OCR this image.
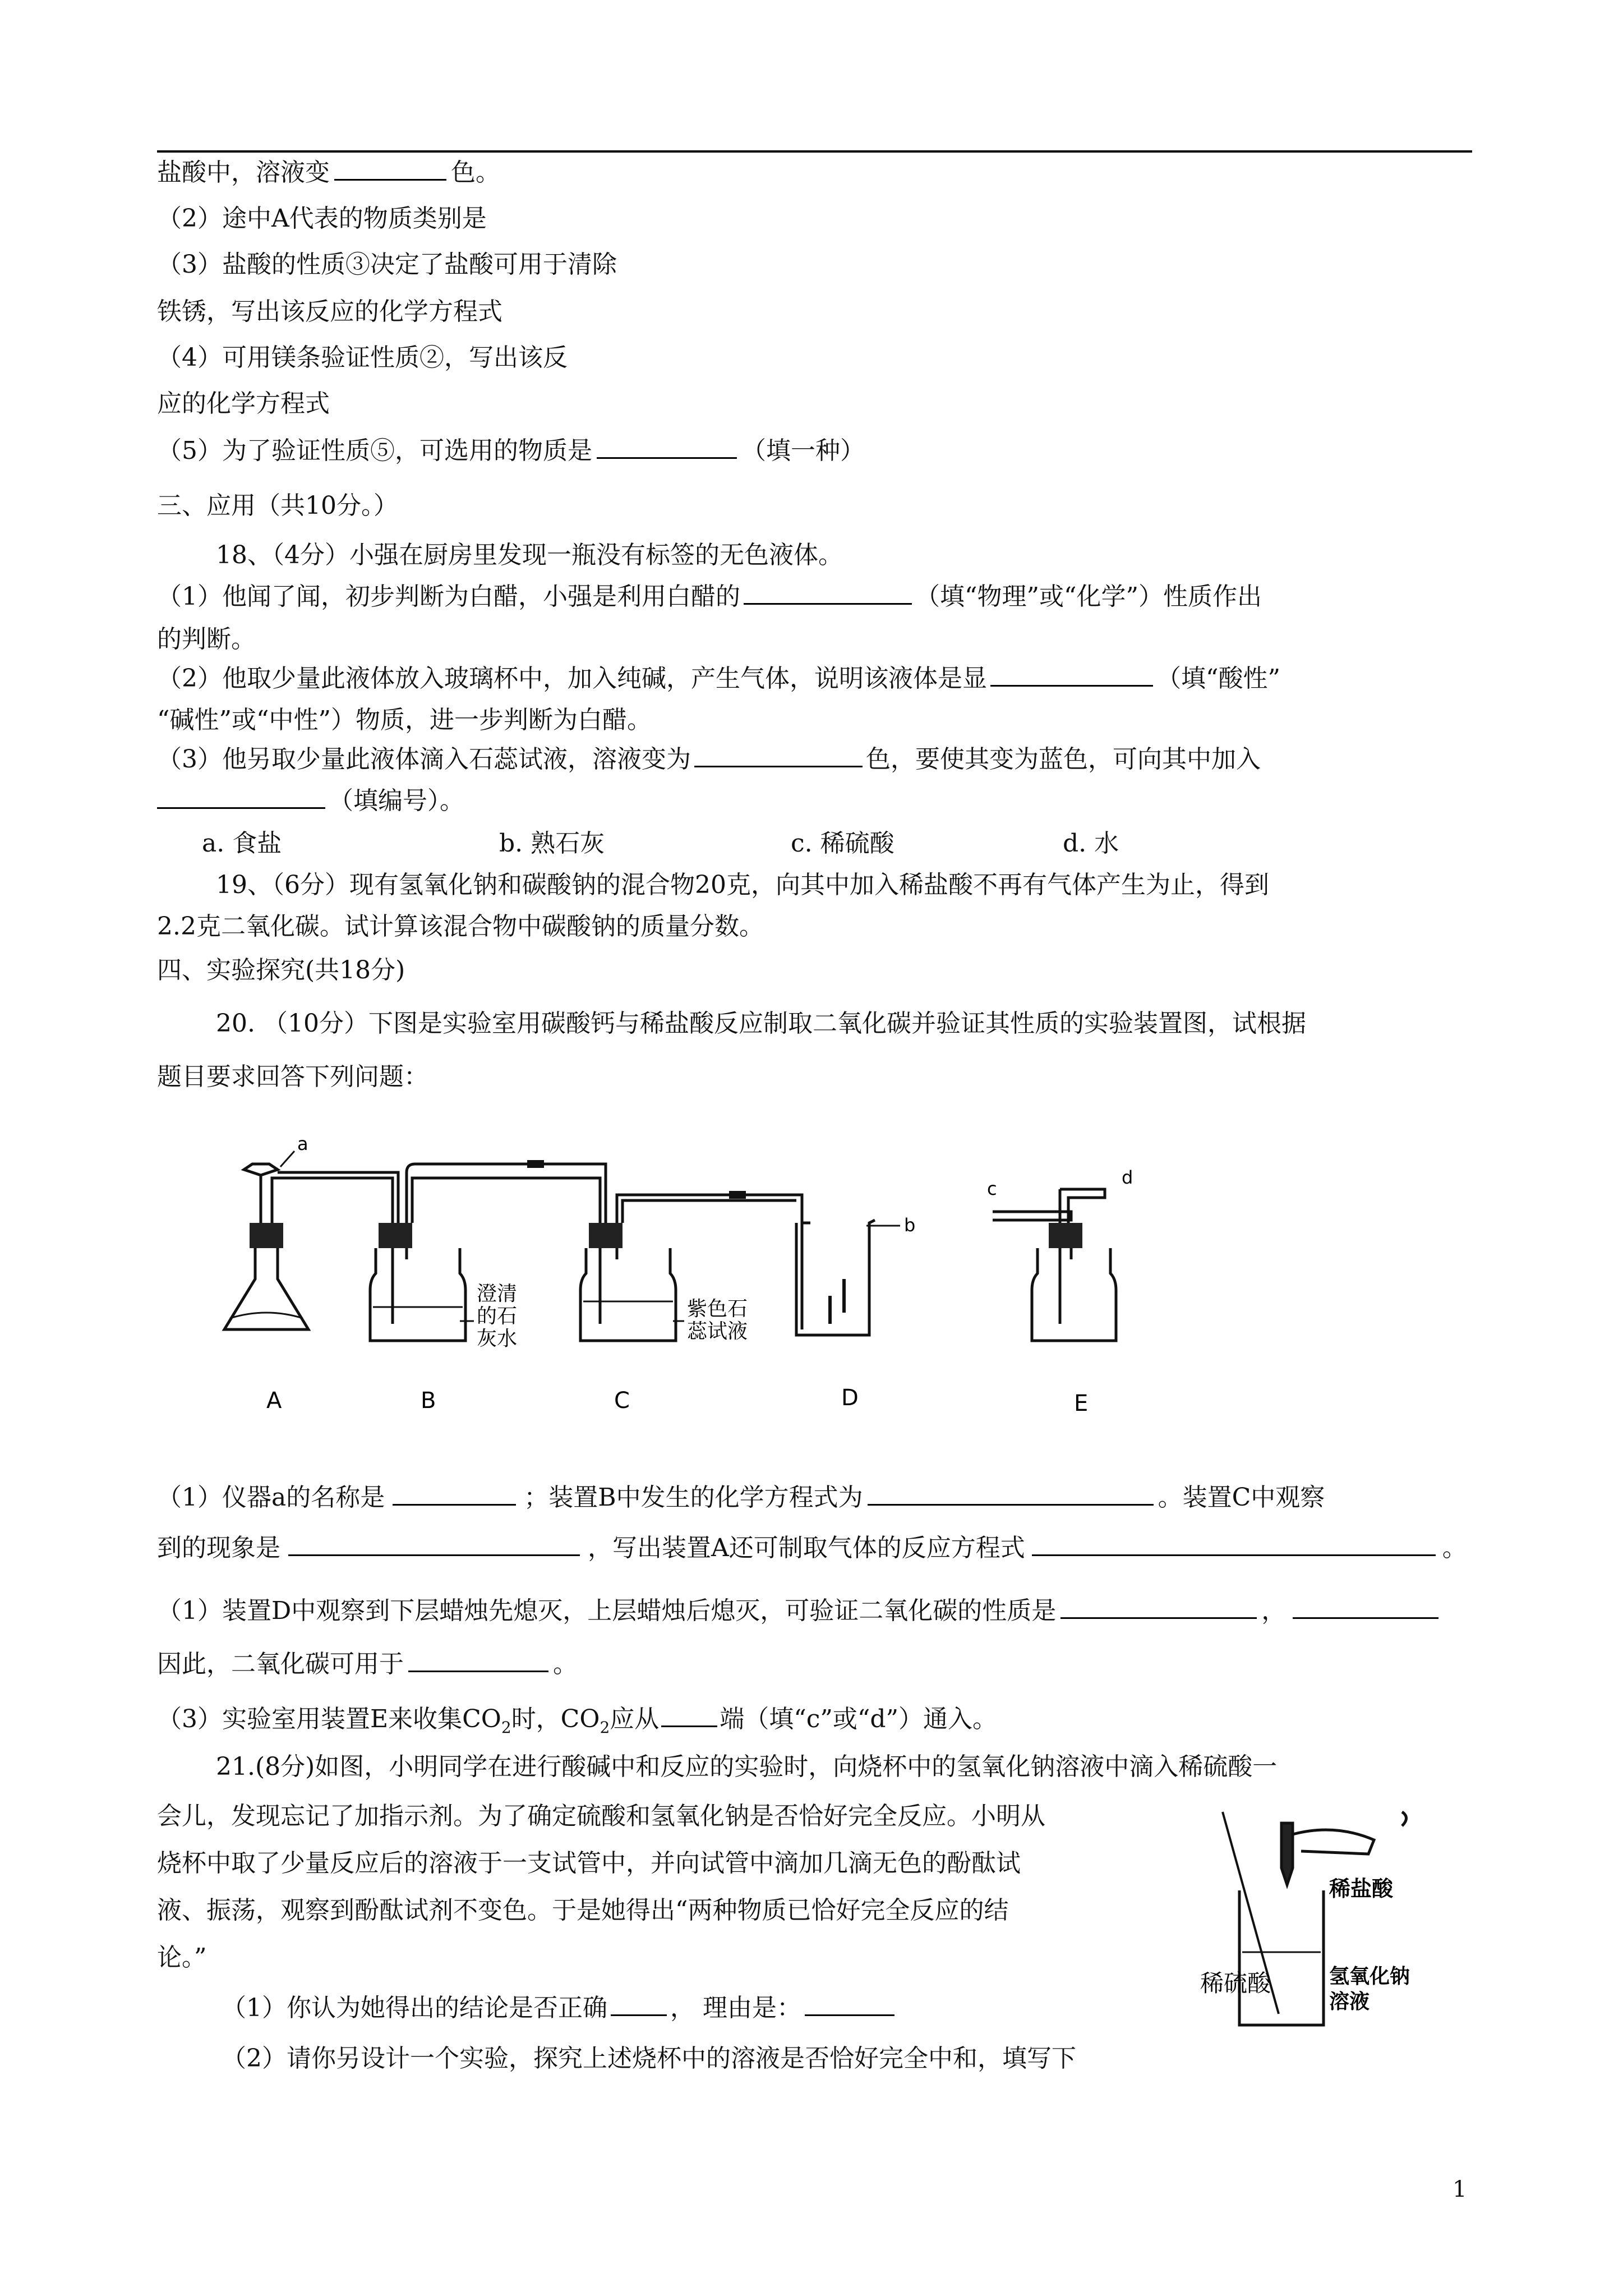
盐酸中，溶液变	色。
（2）途中A代表的物质类别是
（3）盐酸的性质③决定了盐酸可用于清除
铁锈，写出该反应的化学方程式
（4）可用镁条验证性质②，写出该反
应的化学方程式
（5）为了验证性质⑤，可选用的物质是	（填一种）
三、应用（共10分。）
18、（4分）小强在厨房里发现一瓶没有标签的无色液体。
（1）他闻了闻，初步判断为白醋，小强是利用白醋的	（填“物理”或“化学”）性质作出
的判断。
（2）他取少量此液体放入玻璃杯中，加入纯碱，产生气体，说明该液体是显	（填“酸性”
“碱性”或“中性”）物质，进一步判断为白醋。
（3）他另取少量此液体滴入石蕊试液，溶液变为	色，要使其变为蓝色，可向其中加入
（填编号）。
a. 食盐	b. 熟石灰	c. 稀硫酸	d. 水
19、（6分）现有氢氧化钠和碳酸钠的混合物20克，向其中加入稀盐酸不再有气体产生为止，得到
2.2克二氧化碳。试计算该混合物中碳酸钠的质量分数。
四、实验探究(共18分)
20. （10分）下图是实验室用碳酸钙与稀盐酸反应制取二氧化碳并验证其性质的实验装置图，试根据
题目要求回答下列问题：
a
b
c
d
澄清
的石
灰水
紫色石
蕊试液
A	B	C	D	E
（1）仪器a的名称是	；装置B中发生的化学方程式为	。装置C中观察
到的现象是	，写出装置A还可制取气体的反应方程式	。
（1）装置D中观察到下层蜡烛先熄灭，上层蜡烛后熄灭，可验证二氧化碳的性质是	，
因此，二氧化碳可用于	。
（3）实验室用装置E来收集$CO_2$时，$CO_2$应从 端（填“c”或“d”）通入。
21.(8分)如图，小明同学在进行酸碱中和反应的实验时，向烧杯中的氢氧化钠溶液中滴入稀硫酸一
会儿，发现忘记了加指示剂。为了确定硫酸和氢氧化钠是否恰好完全反应。小明从
烧杯中取了少量反应后的溶液于一支试管中，并向试管中滴加几滴无色的酚酞试
液、振荡，观察到酚酞试剂不变色。于是她得出“两种物质已恰好完全反应的结
论。”
（1）你认为她得出的结论是否正确	， 理由是：
（2）请你另设计一个实验，探究上述烧杯中的溶液是否恰好完全中和，填写下
稀盐酸
稀硫酸	氢氧化钠
溶液
1
